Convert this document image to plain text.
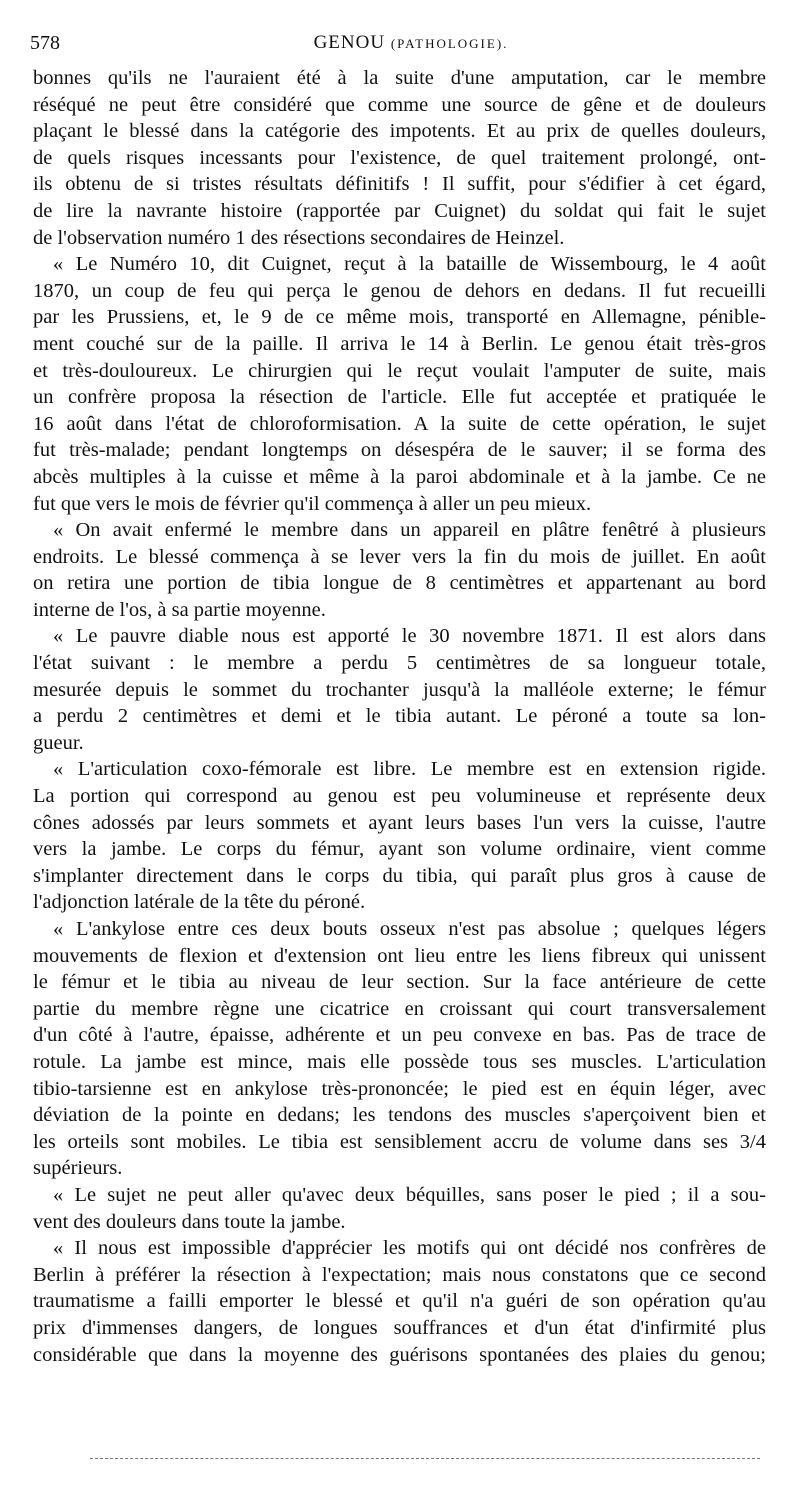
578	GENOU (PATHOLOGIE).
bonnes qu'ils ne l'auraient été à la suite d'une amputation, car le membre
réséqué ne peut être considéré que comme une source de gêne et de douleurs
plaçant le blessé dans la catégorie des impotents. Et au prix de quelles douleurs,
de quels risques incessants pour l'existence, de quel traitement prolongé, ont-
ils obtenu de si tristes résultats définitifs ! Il suffit, pour s'édifier à cet égard,
de lire la navrante histoire (rapportée par Cuignet) du soldat qui fait le sujet
de l'observation numéro 1 des résections secondaires de Heinzel.
« Le Numéro 10, dit Cuignet, reçut à la bataille de Wissembourg, le 4 août
1870, un coup de feu qui perça le genou de dehors en dedans. Il fut recueilli
par les Prussiens, et, le 9 de ce même mois, transporté en Allemagne, pénible-
ment couché sur de la paille. Il arriva le 14 à Berlin. Le genou était très-gros
et très-douloureux. Le chirurgien qui le reçut voulait l'amputer de suite, mais
un confrère proposa la résection de l'article. Elle fut acceptée et pratiquée le
16 août dans l'état de chloroformisation. A la suite de cette opération, le sujet
fut très-malade; pendant longtemps on désespéra de le sauver; il se forma des
abcès multiples à la cuisse et même à la paroi abdominale et à la jambe. Ce ne
fut que vers le mois de février qu'il commença à aller un peu mieux.
« On avait enfermé le membre dans un appareil en plâtre fenêtré à plusieurs
endroits. Le blessé commença à se lever vers la fin du mois de juillet. En août
on retira une portion de tibia longue de 8 centimètres et appartenant au bord
interne de l'os, à sa partie moyenne.
« Le pauvre diable nous est apporté le 30 novembre 1871. Il est alors dans
l'état suivant : le membre a perdu 5 centimètres de sa longueur totale,
mesurée depuis le sommet du trochanter jusqu'à la malléole externe; le fémur
a perdu 2 centimètres et demi et le tibia autant. Le péroné a toute sa lon-
gueur.
« L'articulation coxo-fémorale est libre. Le membre est en extension rigide.
La portion qui correspond au genou est peu volumineuse et représente deux
cônes adossés par leurs sommets et ayant leurs bases l'un vers la cuisse, l'autre
vers la jambe. Le corps du fémur, ayant son volume ordinaire, vient comme
s'implanter directement dans le corps du tibia, qui paraît plus gros à cause de
l'adjonction latérale de la tête du péroné.
« L'ankylose entre ces deux bouts osseux n'est pas absolue ; quelques légers
mouvements de flexion et d'extension ont lieu entre les liens fibreux qui unissent
le fémur et le tibia au niveau de leur section. Sur la face antérieure de cette
partie du membre règne une cicatrice en croissant qui court transversalement
d'un côté à l'autre, épaisse, adhérente et un peu convexe en bas. Pas de trace de
rotule. La jambe est mince, mais elle possède tous ses muscles. L'articulation
tibio-tarsienne est en ankylose très-prononcée; le pied est en équin léger, avec
déviation de la pointe en dedans; les tendons des muscles s'aperçoivent bien et
les orteils sont mobiles. Le tibia est sensiblement accru de volume dans ses 3/4
supérieurs.
« Le sujet ne peut aller qu'avec deux béquilles, sans poser le pied ; il a sou-
vent des douleurs dans toute la jambe.
« Il nous est impossible d'apprécier les motifs qui ont décidé nos confrères de
Berlin à préférer la résection à l'expectation; mais nous constatons que ce second
traumatisme a failli emporter le blessé et qu'il n'a guéri de son opération qu'au
prix d'immenses dangers, de longues souffrances et d'un état d'infirmité plus
considérable que dans la moyenne des guérisons spontanées des plaies du genou;
